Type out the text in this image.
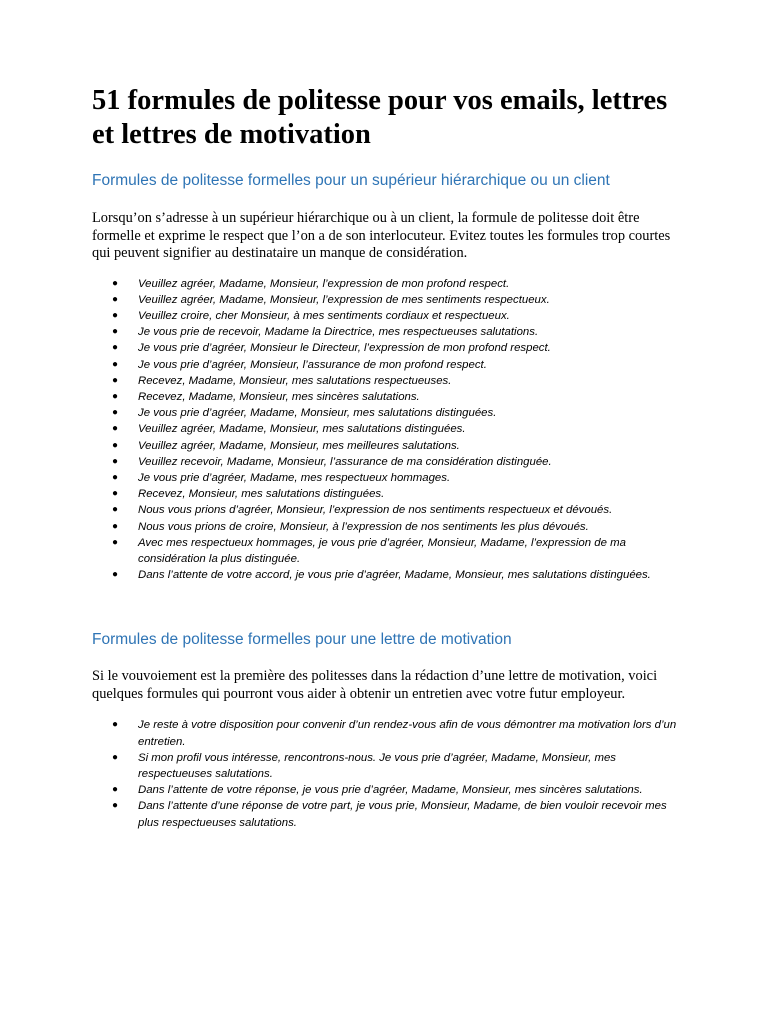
51 formules de politesse pour vos emails, lettres et lettres de motivation
Formules de politesse formelles pour un supérieur hiérarchique ou un client

Lorsqu’on s’adresse à un supérieur hiérarchique ou à un client, la formule de politesse doit être formelle et exprime le respect que l’on a de son interlocuteur. Evitez toutes les formules trop courtes qui peuvent signifier au destinataire un manque de considération.

● Veuillez agréer, Madame, Monsieur, l’expression de mon profond respect.
● Veuillez agréer, Madame, Monsieur, l’expression de mes sentiments respectueux.
● Veuillez croire, cher Monsieur, à mes sentiments cordiaux et respectueux.
● Je vous prie de recevoir, Madame la Directrice, mes respectueuses salutations.
● Je vous prie d’agréer, Monsieur le Directeur, l’expression de mon profond respect.
● Je vous prie d’agréer, Monsieur, l’assurance de mon profond respect.
● Recevez, Madame, Monsieur, mes salutations respectueuses.
● Recevez, Madame, Monsieur, mes sincères salutations.
● Je vous prie d’agréer, Madame, Monsieur, mes salutations distinguées.
● Veuillez agréer, Madame, Monsieur, mes salutations distinguées.
● Veuillez agréer, Madame, Monsieur, mes meilleures salutations.
● Veuillez recevoir, Madame, Monsieur, l’assurance de ma considération distinguée.
● Je vous prie d’agréer, Madame, mes respectueux hommages.
● Recevez, Monsieur, mes salutations distinguées.
● Nous vous prions d’agréer, Monsieur, l’expression de nos sentiments respectueux et dévoués.
● Nous vous prions de croire, Monsieur, à l’expression de nos sentiments les plus dévoués.
● Avec mes respectueux hommages, je vous prie d’agréer, Monsieur, Madame, l’expression de ma considération la plus distinguée.
● Dans l’attente de votre accord, je vous prie d’agréer, Madame, Monsieur, mes salutations distinguées.
Formules de politesse formelles pour une lettre de motivation

Si le vouvoiement est la première des politesses dans la rédaction d’une lettre de motivation, voici quelques formules qui pourront vous aider à obtenir un entretien avec votre futur employeur.

● Je reste à votre disposition pour convenir d’un rendez-vous afin de vous démontrer ma motivation lors d’un entretien.
● Si mon profil vous intéresse, rencontrons-nous. Je vous prie d’agréer, Madame, Monsieur, mes respectueuses salutations.
● Dans l’attente de votre réponse, je vous prie d’agréer, Madame, Monsieur, mes sincères salutations.
● Dans l’attente d’une réponse de votre part, je vous prie, Monsieur, Madame, de bien vouloir recevoir mes plus respectueuses salutations.
